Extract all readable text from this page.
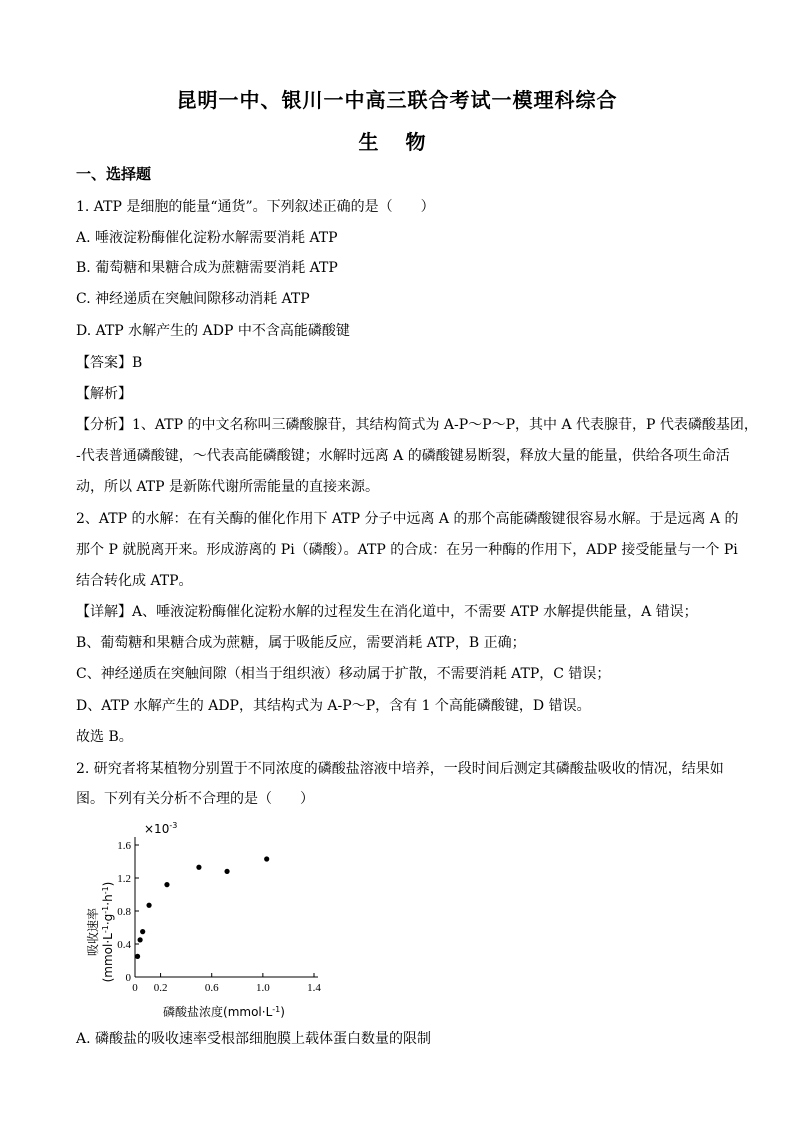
昆明一中、银川一中高三联合考试一模理科综合
生 物
一、选择题
1. ATP 是细胞的能量“通货”。下列叙述正确的是（　　）
A. 唾液淀粉酶催化淀粉水解需要消耗 ATP
B. 葡萄糖和果糖合成为蔗糖需要消耗 ATP
C. 神经递质在突触间隙移动消耗 ATP
D. ATP 水解产生的 ADP 中不含高能磷酸键
【答案】B
【解析】
【分析】1、ATP 的中文名称叫三磷酸腺苷，其结构简式为 A-P～P～P，其中 A 代表腺苷，P 代表磷酸基团，
-代表普通磷酸键，～代表高能磷酸键；水解时远离 A 的磷酸键易断裂，释放大量的能量，供给各项生命活
动，所以 ATP 是新陈代谢所需能量的直接来源。
2、ATP 的水解：在有关酶的催化作用下 ATP 分子中远离 A 的那个高能磷酸键很容易水解。于是远离 A 的
那个 P 就脱离开来。形成游离的 Pi（磷酸）。ATP 的合成：在另一种酶的作用下，ADP 接受能量与一个 Pi
结合转化成 ATP。
【详解】A、唾液淀粉酶催化淀粉水解的过程发生在消化道中，不需要 ATP 水解提供能量，A 错误；
B、葡萄糖和果糖合成为蔗糖，属于吸能反应，需要消耗 ATP，B 正确；
C、神经递质在突触间隙（相当于组织液）移动属于扩散，不需要消耗 ATP，C 错误；
D、ATP 水解产生的 ADP，其结构式为 A-P～P，含有 1 个高能磷酸键，D 错误。
故选 B。
2. 研究者将某植物分别置于不同浓度的磷酸盐溶液中培养，一段时间后测定其磷酸盐吸收的情况，结果如
图。下列有关分析不合理的是（　　）
0
0.4
0.8
1.2
1.6
0 0.2	0.6	1.0	1.4
$\times 10^{-3}$
吸收速率
$(mmol\cdot L^{-1}\cdot g^{-1}\cdot h^{-1})$
磷酸盐浓度$(mmol\cdot L^{-1})$
A. 磷酸盐的吸收速率受根部细胞膜上载体蛋白数量的限制
